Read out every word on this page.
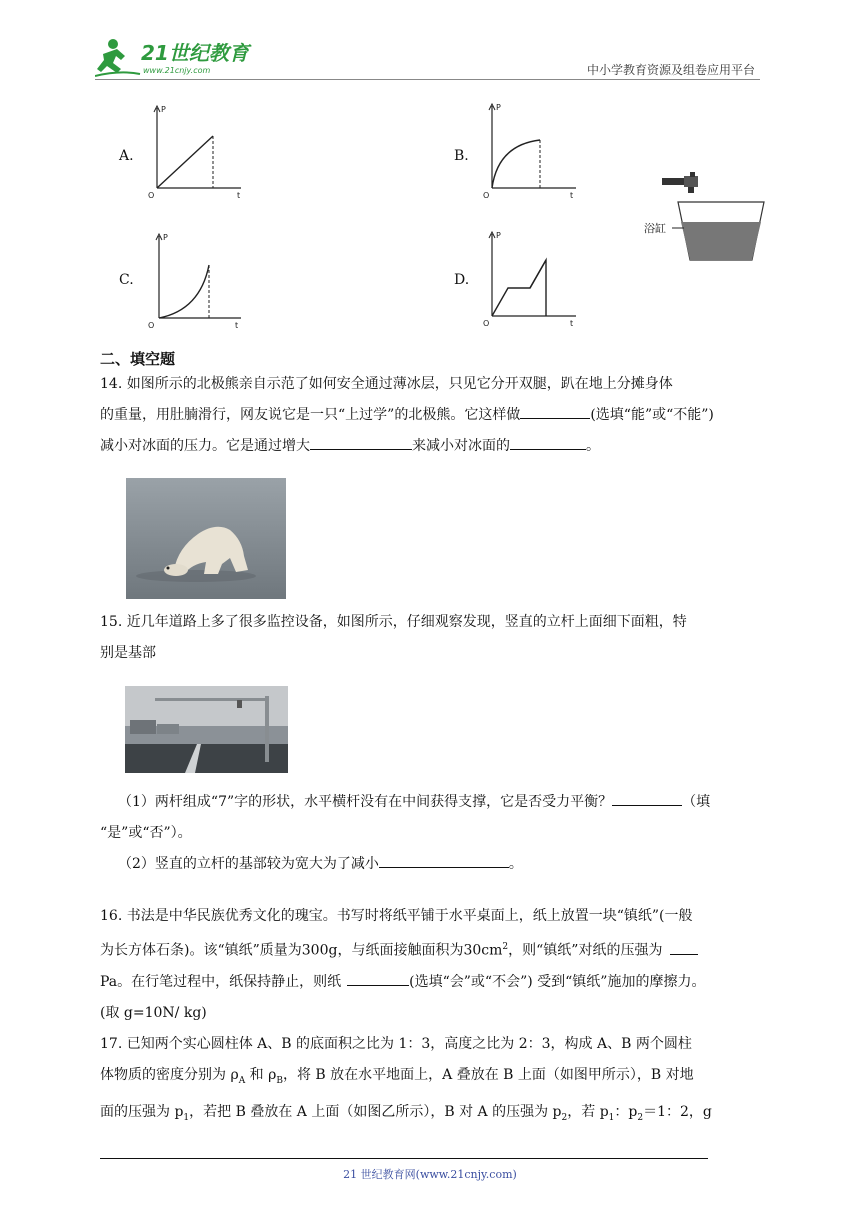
21世纪教育
www.21cnjy.com	中小学教育资源及组卷应用平台
A.
P
t
O
B.
P
t
O
C.
P
t
O
D.
P
t
O
浴缸
二、填空题
14. 如图所示的北极熊亲自示范了如何安全通过薄冰层，只见它分开双腿，趴在地上分摊身体
的重量，用肚腩滑行，网友说它是一只“上过学”的北极熊。它这样做	(选填“能”或“不能”)
减小对冰面的压力。它是通过增大	来减小对冰面的	。
15. 近几年道路上多了很多监控设备，如图所示，仔细观察发现，竖直的立杆上面细下面粗，特
别是基部
（1）两杆组成“7”字的形状，水平横杆没有在中间获得支撑，它是否受力平衡？	（填
“是”或“否”）。
（2）竖直的立杆的基部较为宽大为了减小	。
16. 书法是中华民族优秀文化的瑰宝。书写时将纸平铺于水平桌面上，纸上放置一块“镇纸”(一般
为长方体石条)。该“镇纸”质量为300g，与纸面接触面积为$30cm^2$，则“镇纸”对纸的压强为
Pa。在行笔过程中，纸保持静止，则纸	(选填“会”或“不会”) 受到“镇纸”施加的摩擦力。
(取 g=10N/ kg)
17. 已知两个实心圆柱体 A、B 的底面积之比为 1：3，高度之比为 2：3，构成 A、B 两个圆柱
体物质的密度分别为 $\rho_A$ 和 $\rho_B$，将 B 放在水平地面上，A 叠放在 B 上面（如图甲所示），B 对地
面的压强为 $p_1$，若把 B 叠放在 A 上面（如图乙所示），B 对 A 的压强为 $p_2$，若 $p_1$：$p_2=1$：2，g
21 世纪教育网(www.21cnjy.com)
